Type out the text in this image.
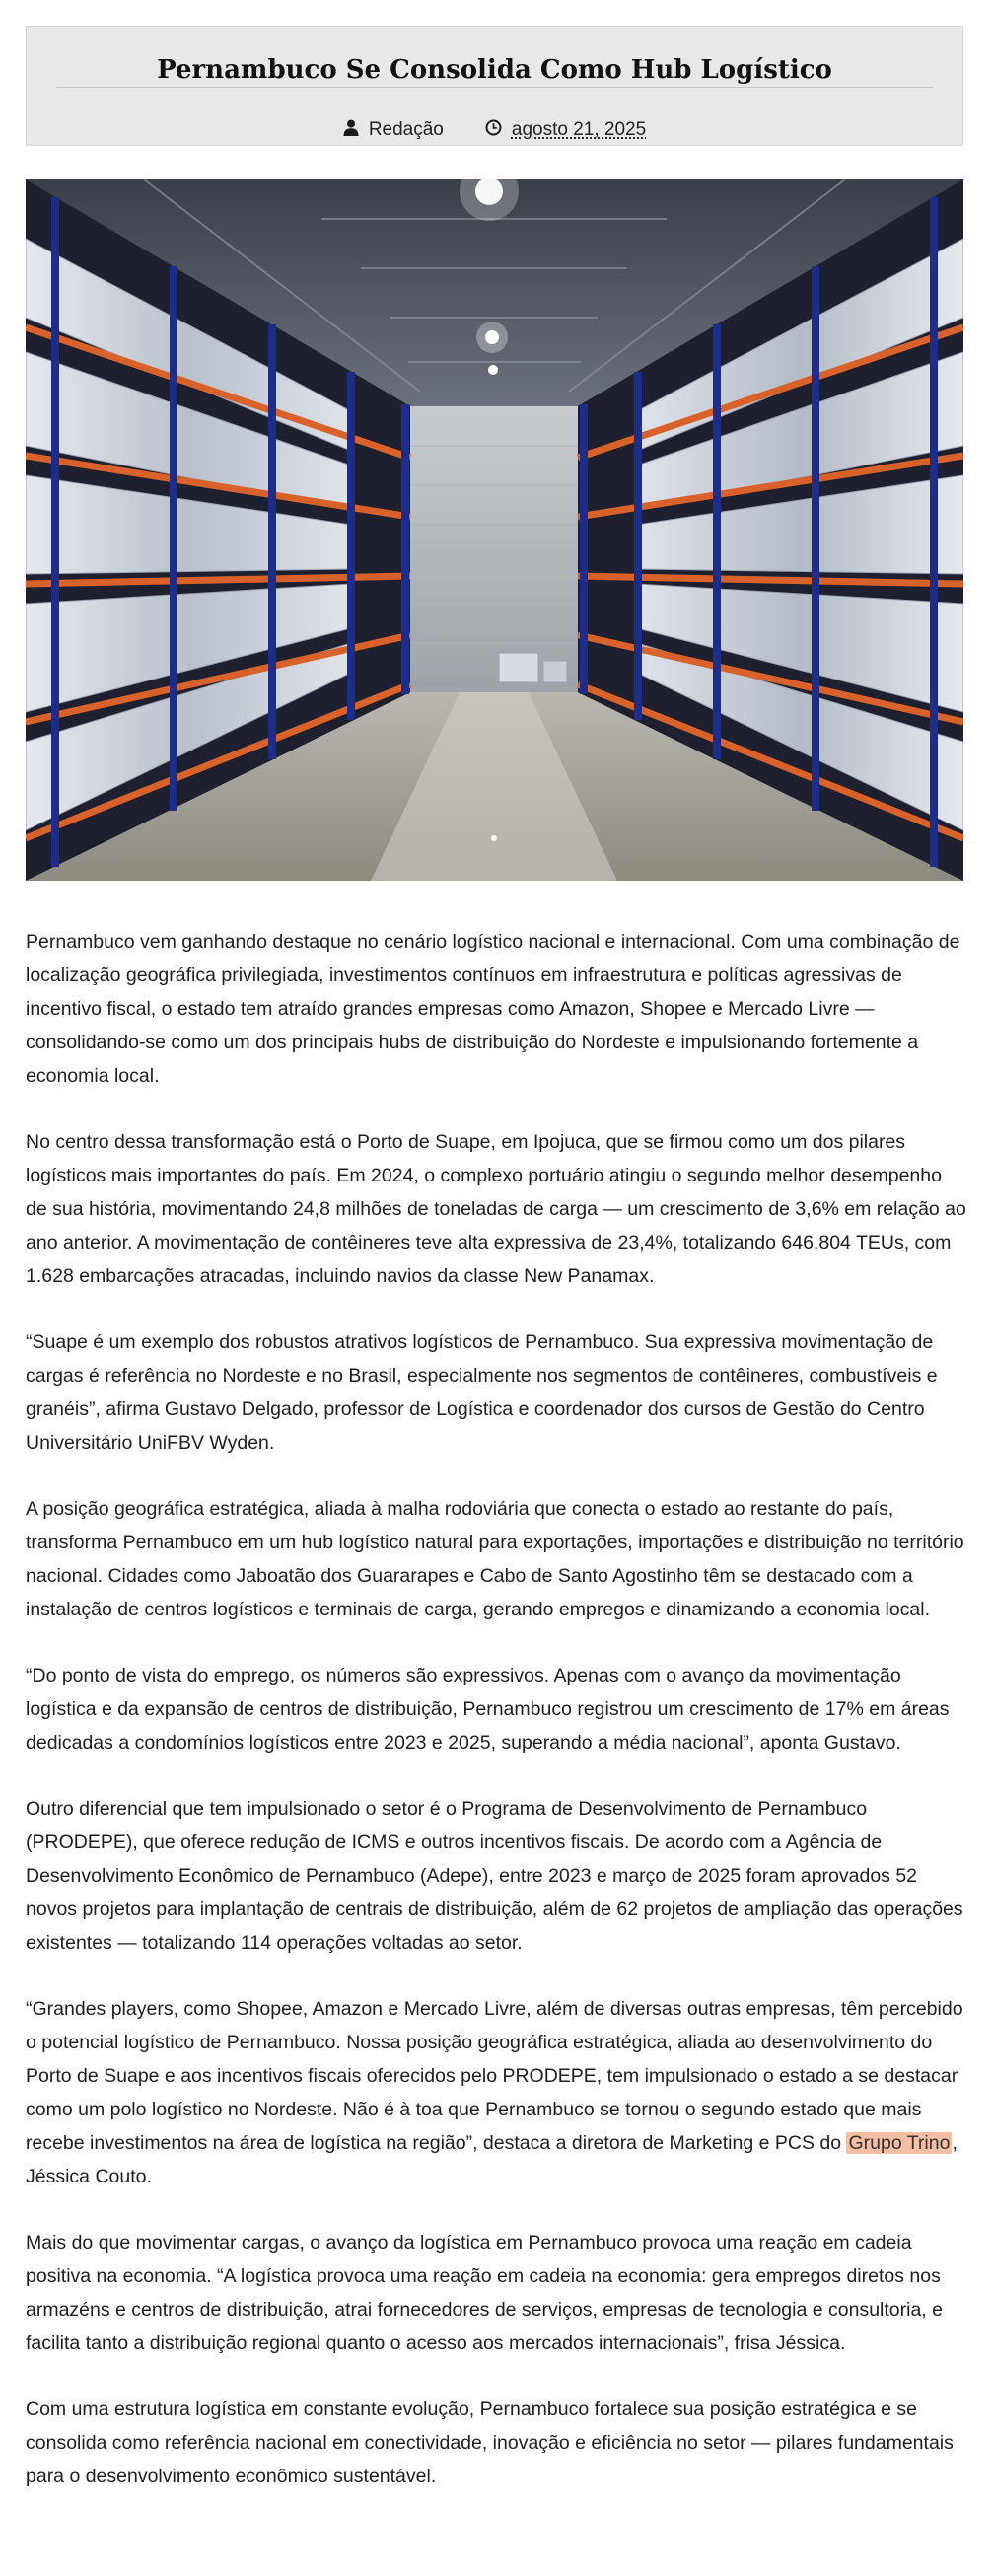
Pernambuco Se Consolida Como Hub Logístico
Redação	agosto 21, 2025

Pernambuco vem ganhando destaque no cenário logístico nacional e internacional. Com uma combinação de localização geográfica privilegiada, investimentos contínuos em infraestrutura e políticas agressivas de incentivo fiscal, o estado tem atraído grandes empresas como Amazon, Shopee e Mercado Livre — consolidando-se como um dos principais hubs de distribuição do Nordeste e impulsionando fortemente a economia local.

No centro dessa transformação está o Porto de Suape, em Ipojuca, que se firmou como um dos pilares logísticos mais importantes do país. Em 2024, o complexo portuário atingiu o segundo melhor desempenho de sua história, movimentando 24,8 milhões de toneladas de carga — um crescimento de 3,6% em relação ao ano anterior. A movimentação de contêineres teve alta expressiva de 23,4%, totalizando 646.804 TEUs, com 1.628 embarcações atracadas, incluindo navios da classe New Panamax.

“Suape é um exemplo dos robustos atrativos logísticos de Pernambuco. Sua expressiva movimentação de cargas é referência no Nordeste e no Brasil, especialmente nos segmentos de contêineres, combustíveis e granéis”, afirma Gustavo Delgado, professor de Logística e coordenador dos cursos de Gestão do Centro Universitário UniFBV Wyden.

A posição geográfica estratégica, aliada à malha rodoviária que conecta o estado ao restante do país, transforma Pernambuco em um hub logístico natural para exportações, importações e distribuição no território nacional. Cidades como Jaboatão dos Guararapes e Cabo de Santo Agostinho têm se destacado com a instalação de centros logísticos e terminais de carga, gerando empregos e dinamizando a economia local.

“Do ponto de vista do emprego, os números são expressivos. Apenas com o avanço da movimentação logística e da expansão de centros de distribuição, Pernambuco registrou um crescimento de 17% em áreas dedicadas a condomínios logísticos entre 2023 e 2025, superando a média nacional”, aponta Gustavo.

Outro diferencial que tem impulsionado o setor é o Programa de Desenvolvimento de Pernambuco (PRODEPE), que oferece redução de ICMS e outros incentivos fiscais. De acordo com a Agência de Desenvolvimento Econômico de Pernambuco (Adepe), entre 2023 e março de 2025 foram aprovados 52 novos projetos para implantação de centrais de distribuição, além de 62 projetos de ampliação das operações existentes — totalizando 114 operações voltadas ao setor.

“Grandes players, como Shopee, Amazon e Mercado Livre, além de diversas outras empresas, têm percebido o potencial logístico de Pernambuco. Nossa posição geográfica estratégica, aliada ao desenvolvimento do Porto de Suape e aos incentivos fiscais oferecidos pelo PRODEPE, tem impulsionado o estado a se destacar como um polo logístico no Nordeste. Não é à toa que Pernambuco se tornou o segundo estado que mais recebe investimentos na área de logística na região”, destaca a diretora de Marketing e PCS do Grupo Trino , Jéssica Couto.

Mais do que movimentar cargas, o avanço da logística em Pernambuco provoca uma reação em cadeia positiva na economia. “A logística provoca uma reação em cadeia na economia: gera empregos diretos nos armazéns e centros de distribuição, atrai fornecedores de serviços, empresas de tecnologia e consultoria, e facilita tanto a distribuição regional quanto o acesso aos mercados internacionais”, frisa Jéssica.

Com uma estrutura logística em constante evolução, Pernambuco fortalece sua posição estratégica e se consolida como referência nacional em conectividade, inovação e eficiência no setor — pilares fundamentais para o desenvolvimento econômico sustentável.
